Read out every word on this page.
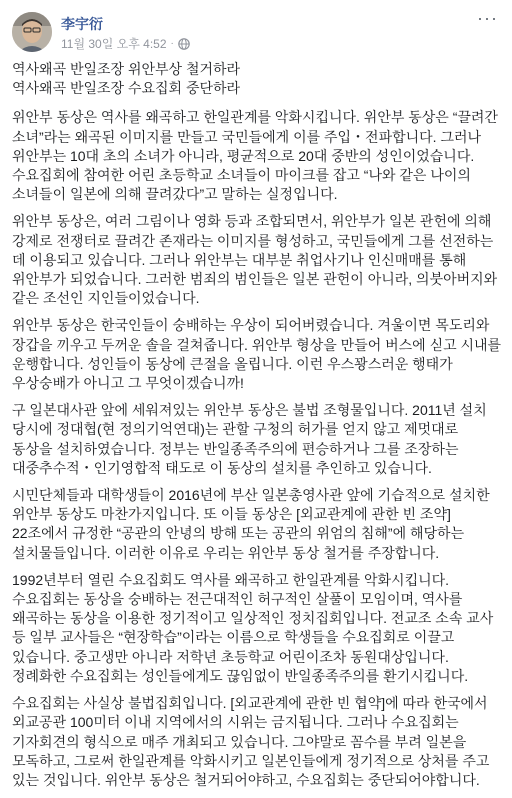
李宇衍
11월 30일 오후 4:52 ·
···

역사왜곡 반일조장 위안부상 철거하라
역사왜곡 반일조장 수요집회 중단하라

위안부 동상은 역사를 왜곡하고 한일관계를 악화시킵니다. 위안부 동상은 “끌려간 소녀”라는 왜곡된 이미지를 만들고 국민들에게 이를 주입・전파합니다. 그러나 위안부는 10대 초의 소녀가 아니라, 평균적으로 20대 중반의 성인이었습니다. 수요집회에 참여한 어린 초등학교 소녀들이 마이크를 잡고 “나와 같은 나이의 소녀들이 일본에 의해 끌려갔다”고 말하는 실정입니다.

위안부 동상은, 여러 그림이나 영화 등과 조합되면서, 위안부가 일본 관헌에 의해 강제로 전쟁터로 끌려간 존재라는 이미지를 형성하고, 국민들에게 그를 선전하는 데 이용되고 있습니다. 그러나 위안부는 대부분 취업사기나 인신매매를 통해 위안부가 되었습니다. 그러한 범죄의 범인들은 일본 관헌이 아니라, 의붓아버지와 같은 조선인 지인들이었습니다.

위안부 동상은 한국인들이 숭배하는 우상이 되어버렸습니다. 겨울이면 목도리와 장갑을 끼우고 두꺼운 솔을 걸쳐줍니다. 위안부 형상을 만들어 버스에 싣고 시내를 운행합니다. 성인들이 동상에 큰절을 올립니다. 이런 우스꽝스러운 행태가 우상숭배가 아니고 그 무엇이겠습니까!

구 일본대사관 앞에 세워져있는 위안부 동상은 불법 조형물입니다. 2011년 설치 당시에 정대협(현 정의기억연대)는 관할 구청의 허가를 얻지 않고 제멋대로 동상을 설치하였습니다. 정부는 반일종족주의에 편승하거나 그를 조장하는 대중추수적・인기영합적 태도로 이 동상의 설치를 추인하고 있습니다.

시민단체들과 대학생들이 2016년에 부산 일본총영사관 앞에 기습적으로 설치한 위안부 동상도 마찬가지입니다. 또 이들 동상은 [외교관계에 관한 빈 조약] 22조에서 규정한 “공관의 안녕의 방해 또는 공관의 위엄의 침해”에 해당하는 설치물들입니다. 이러한 이유로 우리는 위안부 동상 철거를 주장합니다.

1992년부터 열린 수요집회도 역사를 왜곡하고 한일관계를 악화시킵니다. 수요집회는 동상을 숭배하는 전근대적인 허구적인 살풀이 모임이며, 역사를 왜곡하는 동상을 이용한 정기적이고 일상적인 정치집회입니다. 전교조 소속 교사 등 일부 교사들은 “현장학습”이라는 이름으로 학생들을 수요집회로 이끌고 있습니다. 중고생만 아니라 저학년 초등학교 어린이조차 동원대상입니다. 정례화한 수요집회는 성인들에게도 끊임없이 반일종족주의를 환기시킵니다.

수요집회는 사실상 불법집회입니다. [외교관계에 관한 빈 협약]에 따라 한국에서 외교공관 100미터 이내 지역에서의 시위는 금지됩니다. 그러나 수요집회는 기자회견의 형식으로 매주 개최되고 있습니다. 그야말로 꼼수를 부려 일본을 모독하고, 그로써 한일관계를 악화시키고 일본인들에게 정기적으로 상처를 주고 있는 것입니다. 위안부 동상은 철거되어야하고, 수요집회는 중단되어야합니다.
